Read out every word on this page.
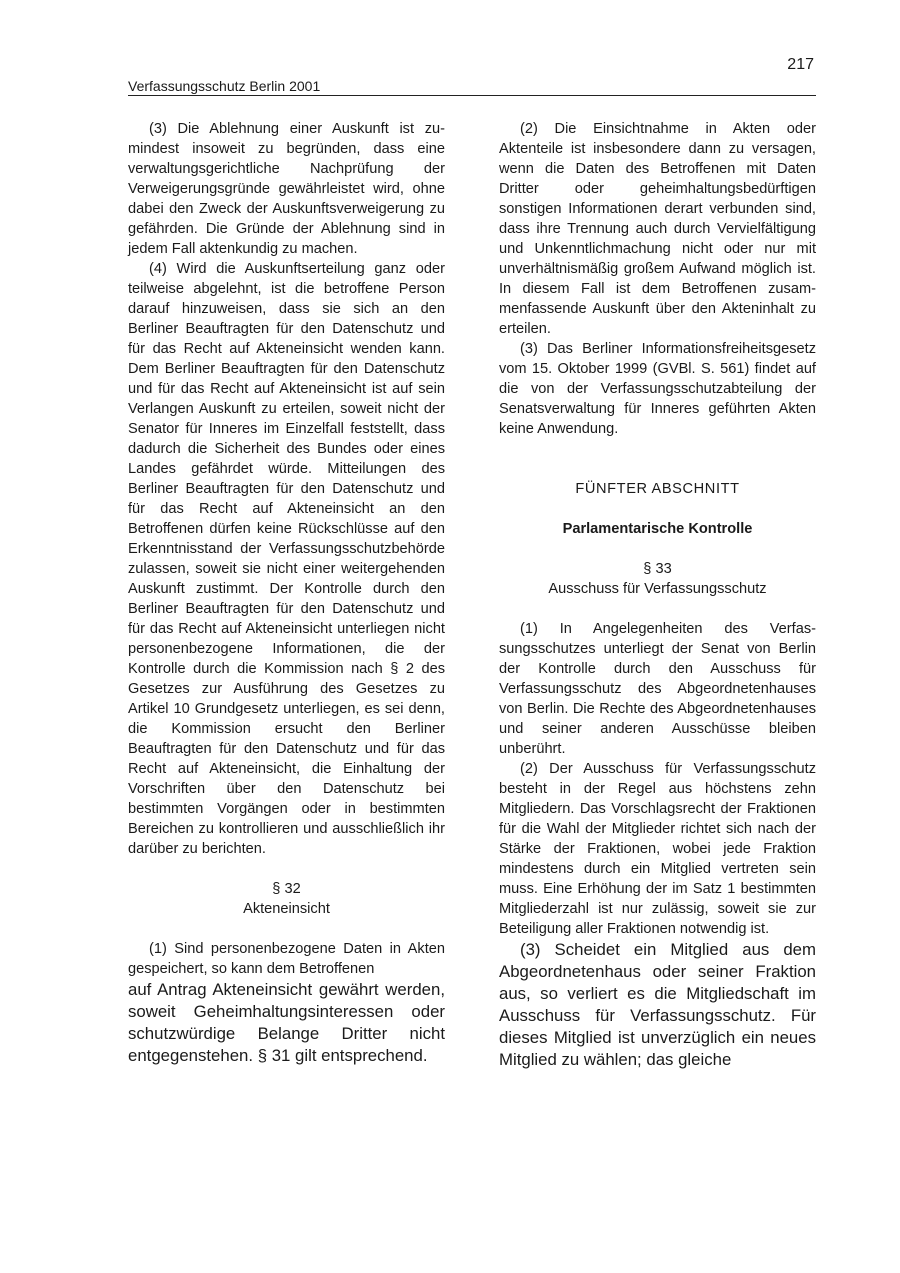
217
Verfassungsschutz Berlin 2001

(3) Die Ablehnung einer Auskunft ist zumindest insoweit zu begründen, dass eine verwaltungsgerichtliche Nachprüfung der Verweigerungsgründe gewährleistet wird, ohne dabei den Zweck der Auskunftsverweigerung zu gefährden. Die Gründe der Ablehnung sind in jedem Fall aktenkundig zu machen.

(4) Wird die Auskunftserteilung ganz oder teilweise abgelehnt, ist die betroffene Person darauf hinzuweisen, dass sie sich an den Berliner Beauftragten für den Datenschutz und für das Recht auf Akteneinsicht wenden kann. Dem Berliner Beauftragten für den Datenschutz und für das Recht auf Akteneinsicht ist auf sein Verlangen Auskunft zu erteilen, soweit nicht der Senator für Inneres im Einzelfall feststellt, dass dadurch die Sicherheit des Bundes oder eines Landes gefährdet würde. Mitteilungen des Berliner Beauftragten für den Datenschutz und für das Recht auf Akteneinsicht an den Betroffenen dürfen keine Rückschlüsse auf den Erkenntnisstand der Verfassungsschutzbehörde zulassen, soweit sie nicht einer weitergehenden Auskunft zustimmt. Der Kontrolle durch den Berliner Beauftragten für den Datenschutz und für das Recht auf Akteneinsicht unterliegen nicht personenbezogene Informationen, die der Kontrolle durch die Kommission nach § 2 des Gesetzes zur Ausführung des Gesetzes zu Artikel 10 Grundgesetz unterliegen, es sei denn, die Kommission ersucht den Berliner Beauftragten für den Datenschutz und für das Recht auf Akteneinsicht, die Einhaltung der Vorschriften über den Datenschutz bei bestimmten Vorgängen oder in bestimmten Bereichen zu kontrollieren und ausschließlich ihr darüber zu berichten.

§ 32
Akteneinsicht

(1) Sind personenbezogene Daten in Akten gespeichert, so kann dem Betroffenen

auf Antrag Akteneinsicht gewährt werden, soweit Geheimhaltungsinteressen oder schutzwürdige Belange Dritter nicht entgegenstehen. § 31 gilt entsprechend.

(2) Die Einsichtnahme in Akten oder Aktenteile ist insbesondere dann zu versagen, wenn die Daten des Betroffenen mit Daten Dritter oder geheimhaltungsbedürftigen sonstigen Informationen derart verbunden sind, dass ihre Trennung auch durch Vervielfältigung und Unkenntlichmachung nicht oder nur mit unverhältnismäßig großem Aufwand möglich ist. In diesem Fall ist dem Betroffenen zusammenfassende Auskunft über den Akteninhalt zu erteilen.

(3) Das Berliner Informationsfreiheitsgesetz vom 15. Oktober 1999 (GVBl. S. 561) findet auf die von der Verfassungsschutzabteilung der Senatsverwaltung für Inneres geführten Akten keine Anwendung.

FÜNFTER ABSCHNITT
Parlamentarische Kontrolle
§ 33
Ausschuss für Verfassungsschutz

(1) In Angelegenheiten des Verfassungsschutzes unterliegt der Senat von Berlin der Kontrolle durch den Ausschuss für Verfassungsschutz des Abgeordnetenhauses von Berlin. Die Rechte des Abgeordnetenhauses und seiner anderen Ausschüsse bleiben unberührt.

(2) Der Ausschuss für Verfassungsschutz besteht in der Regel aus höchstens zehn Mitgliedern. Das Vorschlagsrecht der Fraktionen für die Wahl der Mitglieder richtet sich nach der Stärke der Fraktionen, wobei jede Fraktion mindestens durch ein Mitglied vertreten sein muss. Eine Erhöhung der im Satz 1 bestimmten Mitgliederzahl ist nur zulässig, soweit sie zur Beteiligung aller Fraktionen notwendig ist.

(3) Scheidet ein Mitglied aus dem Abgeordnetenhaus oder seiner Fraktion aus, so verliert es die Mitgliedschaft im Ausschuss für Verfassungsschutz. Für dieses Mitglied ist unverzüglich ein neues Mitglied zu wählen; das gleiche
